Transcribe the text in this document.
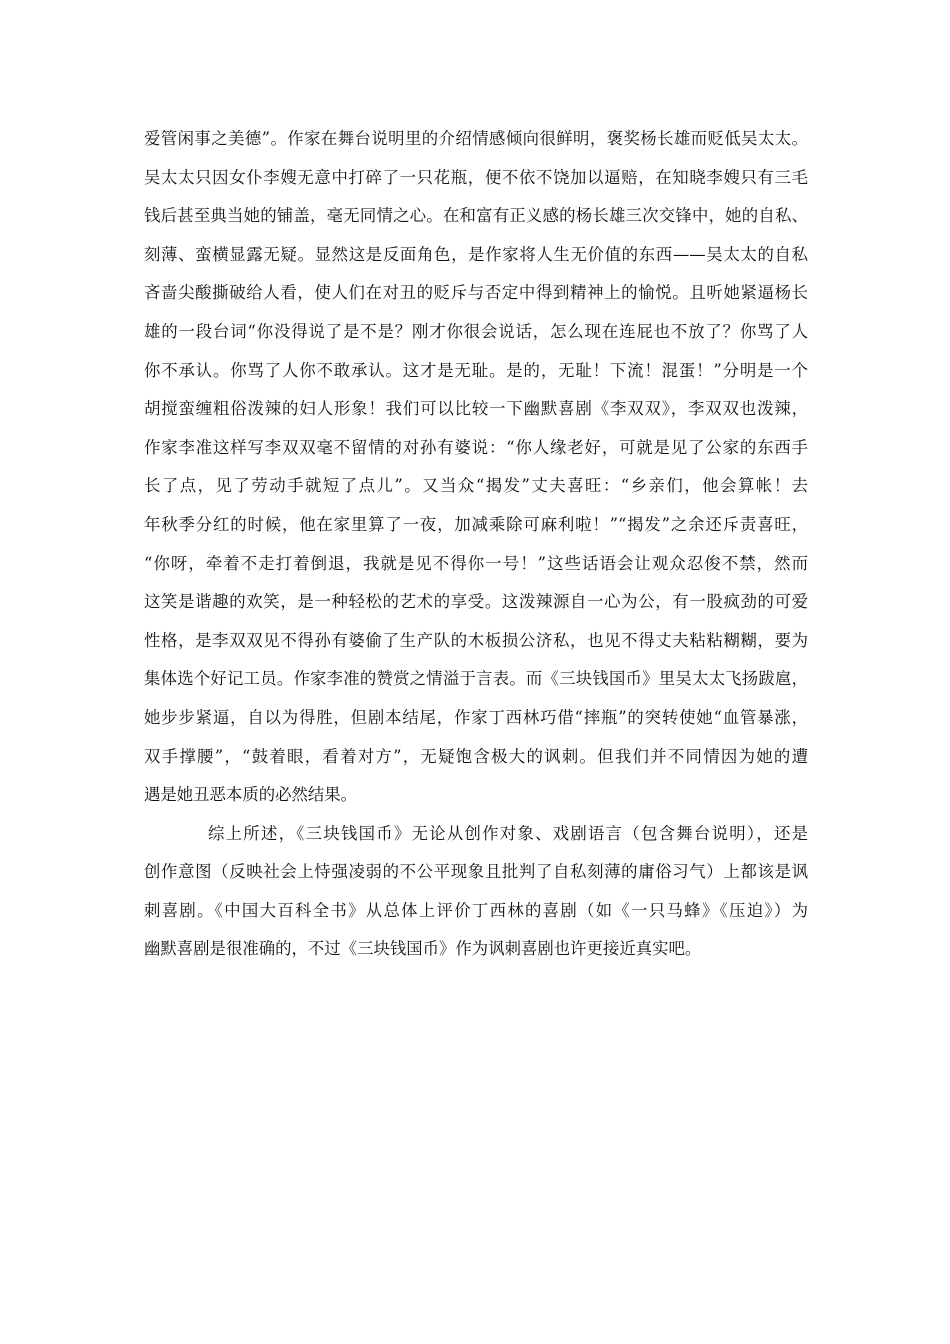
爱管闲事之美德”。作家在舞台说明里的介绍情感倾向很鲜明，褒奖杨长雄而贬低吴太太。
吴太太只因女仆李嫂无意中打碎了一只花瓶，便不依不饶加以逼赔，在知晓李嫂只有三毛
钱后甚至典当她的铺盖，毫无同情之心。在和富有正义感的杨长雄三次交锋中，她的自私、
刻薄、蛮横显露无疑。显然这是反面角色，是作家将人生无价值的东西——吴太太的自私
吝啬尖酸撕破给人看，使人们在对丑的贬斥与否定中得到精神上的愉悦。且听她紧逼杨长
雄的一段台词“你没得说了是不是？刚才你很会说话，怎么现在连屁也不放了？你骂了人
你不承认。你骂了人你不敢承认。这才是无耻。是的，无耻！下流！混蛋！”分明是一个
胡搅蛮缠粗俗泼辣的妇人形象！我们可以比较一下幽默喜剧《李双双》，李双双也泼辣，
作家李准这样写李双双毫不留情的对孙有婆说：“你人缘老好，可就是见了公家的东西手
长了点，见了劳动手就短了点儿”。又当众“揭发”丈夫喜旺：“乡亲们，他会算帐！去
年秋季分红的时候，他在家里算了一夜，加减乘除可麻利啦！”“揭发”之余还斥责喜旺，
“你呀，牵着不走打着倒退，我就是见不得你一号！”这些话语会让观众忍俊不禁，然而
这笑是谐趣的欢笑，是一种轻松的艺术的享受。这泼辣源自一心为公，有一股疯劲的可爱
性格，是李双双见不得孙有婆偷了生产队的木板损公济私，也见不得丈夫粘粘糊糊，要为
集体选个好记工员。作家李准的赞赏之情溢于言表。而《三块钱国币》里吴太太飞扬跋扈，
她步步紧逼，自以为得胜，但剧本结尾，作家丁西林巧借“摔瓶”的突转使她“血管暴涨，
双手撑腰”，“鼓着眼，看着对方”，无疑饱含极大的讽刺。但我们并不同情因为她的遭
遇是她丑恶本质的必然结果。
综上所述，《三块钱国币》无论从创作对象、戏剧语言（包含舞台说明），还是
创作意图（反映社会上恃强凌弱的不公平现象且批判了自私刻薄的庸俗习气）上都该是讽
刺喜剧。《中国大百科全书》从总体上评价丁西林的喜剧（如《一只马蜂》《压迫》）为
幽默喜剧是很准确的，不过《三块钱国币》作为讽刺喜剧也许更接近真实吧。
